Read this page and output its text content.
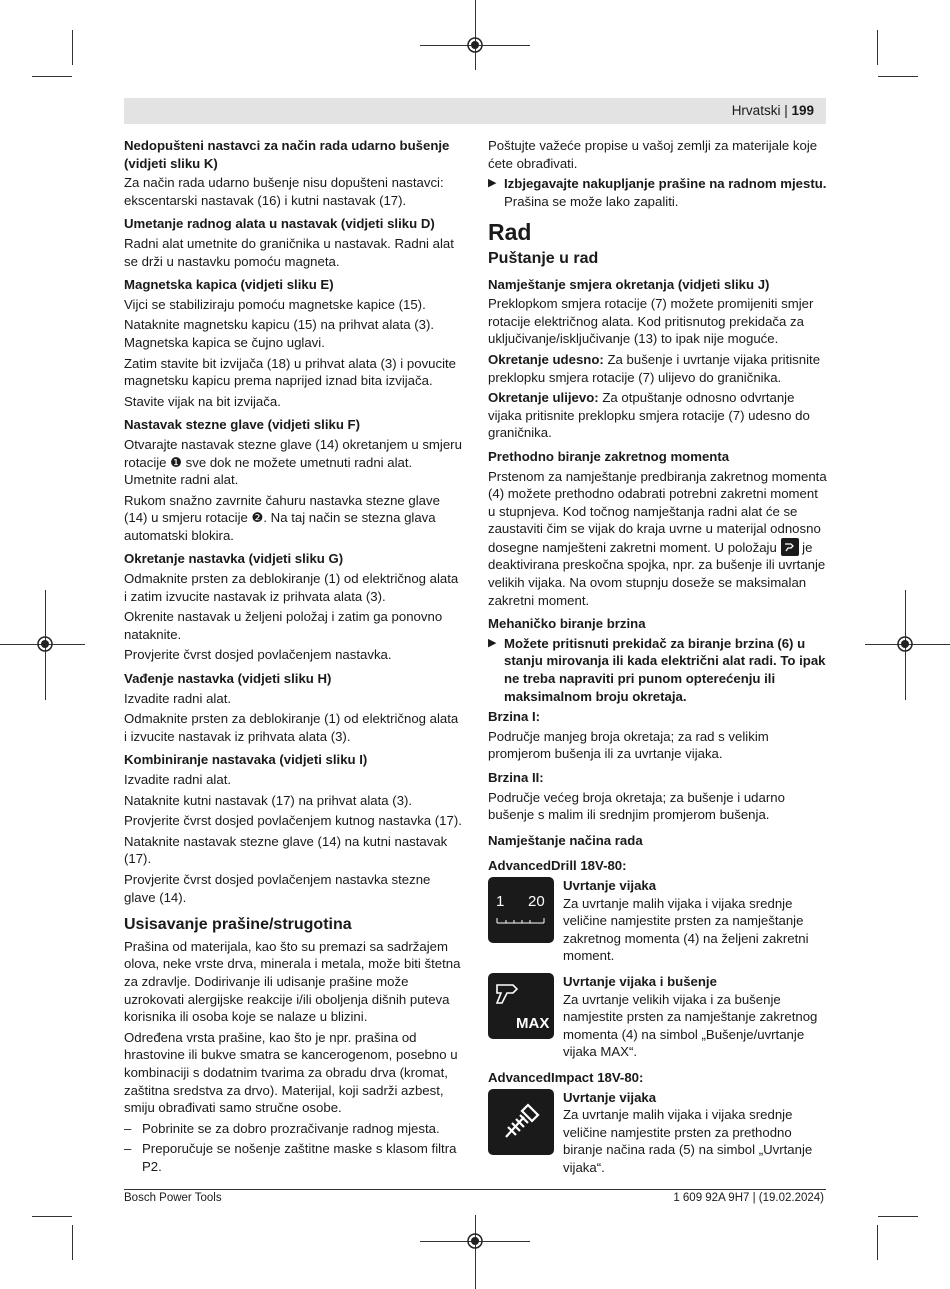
Hrvatski | 199
Nedopušteni nastavci za način rada udarno bušenje (vidjeti sliku K)

Za način rada udarno bušenje nisu dopušteni nastavci: ekscentarski nastavak (16) i kutni nastavak (17).

Umetanje radnog alata u nastavak (vidjeti sliku D)

Radni alat umetnite do graničnika u nastavak. Radni alat se drži u nastavku pomoću magneta.

Magnetska kapica (vidjeti sliku E)

Vijci se stabiliziraju pomoću magnetske kapice (15).

Nataknite magnetsku kapicu (15) na prihvat alata (3). Magnetska kapica se čujno uglavi.

Zatim stavite bit izvijača (18) u prihvat alata (3) i povucite magnetsku kapicu prema naprijed iznad bita izvijača.

Stavite vijak na bit izvijača.

Nastavak stezne glave (vidjeti sliku F)

Otvarajte nastavak stezne glave (14) okretanjem u smjeru rotacije ❶ sve dok ne možete umetnuti radni alat. Umetnite radni alat.

Rukom snažno zavrnite čahuru nastavka stezne glave (14) u smjeru rotacije ❷. Na taj način se stezna glava automatski blokira.

Okretanje nastavka (vidjeti sliku G)

Odmaknite prsten za deblokiranje (1) od električnog alata i zatim izvucite nastavak iz prihvata alata (3).

Okrenite nastavak u željeni položaj i zatim ga ponovno nataknite.

Provjerite čvrst dosjed povlačenjem nastavka.

Vađenje nastavka (vidjeti sliku H)

Izvadite radni alat.

Odmaknite prsten za deblokiranje (1) od električnog alata i izvucite nastavak iz prihvata alata (3).

Kombiniranje nastavaka (vidjeti sliku I)

Izvadite radni alat.

Nataknite kutni nastavak (17) na prihvat alata (3).

Provjerite čvrst dosjed povlačenjem kutnog nastavka (17).

Nataknite nastavak stezne glave (14) na kutni nastavak (17).

Provjerite čvrst dosjed povlačenjem nastavka stezne glave (14).

Usisavanje prašine/strugotina

Prašina od materijala, kao što su premazi sa sadržajem olova, neke vrste drva, minerala i metala, može biti štetna za zdravlje. Dodirivanje ili udisanje prašine može uzrokovati alergijske reakcije i/ili oboljenja dišnih puteva korisnika ili osoba koje se nalaze u blizini.

Određena vrsta prašine, kao što je npr. prašina od hrastovine ili bukve smatra se kancerogenom, posebno u kombinaciji s dodatnim tvarima za obradu drva (kromat, zaštitna sredstva za drvo). Materijal, koji sadrži azbest, smiju obrađivati samo stručne osobe.

– Pobrinite se za dobro prozračivanje radnog mjesta.
– Preporučuje se nošenje zaštitne maske s klasom filtra P2.

Poštujte važeće propise u vašoj zemlji za materijale koje ćete obrađivati.

▶ Izbjegavajte nakupljanje prašine na radnom mjestu. Prašina se može lako zapaliti.
Rad
Puštanje u rad
Namještanje smjera okretanja (vidjeti sliku J)

Preklopkom smjera rotacije (7) možete promijeniti smjer rotacije električnog alata. Kod pritisnutog prekidača za uključivanje/isključivanje (13) to ipak nije moguće.

Okretanje udesno: Za bušenje i uvrtanje vijaka pritisnite preklopku smjera rotacije (7) ulijevo do graničnika.

Okretanje ulijevo: Za otpuštanje odnosno odvrtanje vijaka pritisnite preklopku smjera rotacije (7) udesno do graničnika.

Prethodno biranje zakretnog momenta

Prstenom za namještanje predbiranja zakretnog momenta (4) možete prethodno odabrati potrebni zakretni moment u stupnjeva. Kod točnog namještanja radni alat će se zaustaviti čim se vijak do kraja uvrne u materijal odnosno dosegne namješteni zakretni moment. U položaju je deaktivirana preskočna spojka, npr. za bušenje ili uvrtanje velikih vijaka. Na ovom stupnju doseže se maksimalan zakretni moment.

Mehaničko biranje brzina
▶ Možete pritisnuti prekidač za biranje brzina (6) u stanju mirovanja ili kada električni alat radi. To ipak ne treba napraviti pri punom opterećenju ili maksimalnom broju okretaja.
Brzina I:

Područje manjeg broja okretaja; za rad s velikim promjerom bušenja ili za uvrtanje vijaka.

Brzina II:

Područje većeg broja okretaja; za bušenje i udarno bušenje s malim ili srednjim promjerom bušenja.

Namještanje načina rada
AdvancedDrill 18V-80:
1 20
Uvrtanje vijaka
Za uvrtanje malih vijaka i vijaka srednje veličine namjestite prsten za namještanje zakretnog momenta (4) na željeni zakretni moment.
MAX
Uvrtanje vijaka i bušenje
Za uvrtanje velikih vijaka i za bušenje namjestite prsten za namještanje zakretnog momenta (4) na simbol „Bušenje/uvrtanje vijaka MAX“.
AdvancedImpact 18V-80:
Uvrtanje vijaka
Za uvrtanje malih vijaka i vijaka srednje veličine namjestite prsten za prethodno biranje načina rada (5) na simbol „Uvrtanje vijaka“.
Bosch Power Tools	1 609 92A 9H7 | (19.02.2024)
